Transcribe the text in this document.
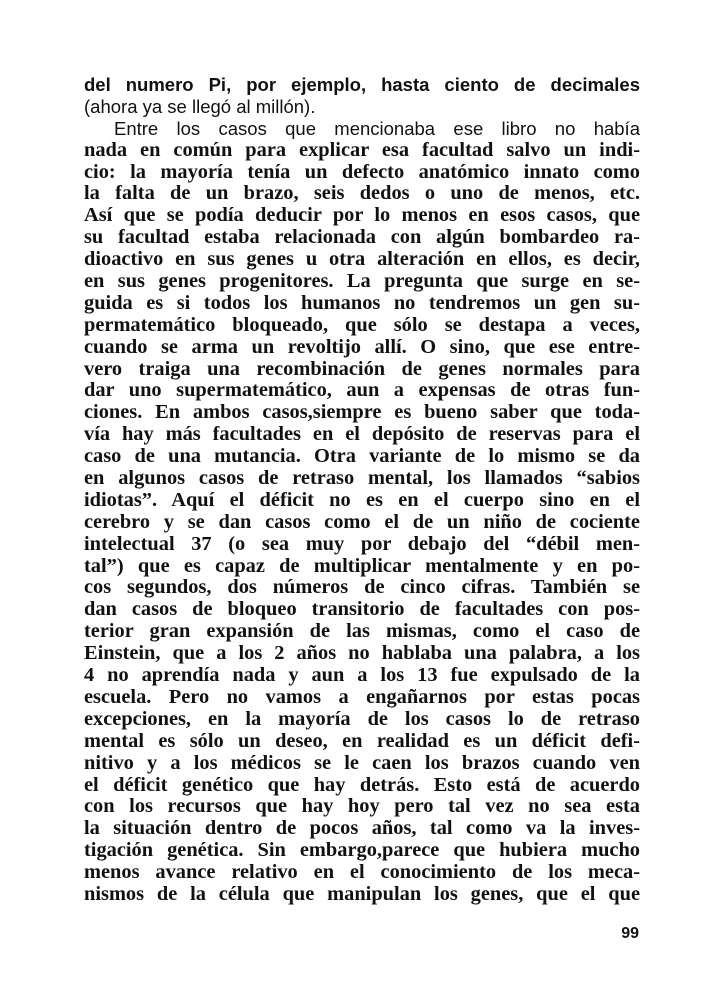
del numero Pi, por ejemplo, hasta ciento de decimales
(ahora ya se llegó al millón).
Entre los casos que mencionaba ese libro no había
nada en común para explicar esa facultad salvo un indi-
cio: la mayoría tenía un defecto anatómico innato como
la falta de un brazo, seis dedos o uno de menos, etc.
Así que se podía deducir por lo menos en esos casos, que
su facultad estaba relacionada con algún bombardeo ra-
dioactivo en sus genes u otra alteración en ellos, es decir,
en sus genes progenitores. La pregunta que surge en se-
guida es si todos los humanos no tendremos un gen su-
permatemático bloqueado, que sólo se destapa a veces,
cuando se arma un revoltijo allí. O sino, que ese entre-
vero traiga una recombinación de genes normales para
dar uno supermatemático, aun a expensas de otras fun-
ciones. En ambos casos,siempre es bueno saber que toda-
vía hay más facultades en el depósito de reservas para el
caso de una mutancia. Otra variante de lo mismo se da
en algunos casos de retraso mental, los llamados “sabios
idiotas”. Aquí el déficit no es en el cuerpo sino en el
cerebro y se dan casos como el de un niño de cociente
intelectual 37 (o sea muy por debajo del “débil men-
tal”) que es capaz de multiplicar mentalmente y en po-
cos segundos, dos números de cinco cifras. También se
dan casos de bloqueo transitorio de facultades con pos-
terior gran expansión de las mismas, como el caso de
Einstein, que a los 2 años no hablaba una palabra, a los
4 no aprendía nada y aun a los 13 fue expulsado de la
escuela. Pero no vamos a engañarnos por estas pocas
excepciones, en la mayoría de los casos lo de retraso
mental es sólo un deseo, en realidad es un déficit defi-
nitivo y a los médicos se le caen los brazos cuando ven
el déficit genético que hay detrás. Esto está de acuerdo
con los recursos que hay hoy pero tal vez no sea esta
la situación dentro de pocos años, tal como va la inves-
tigación genética. Sin embargo,parece que hubiera mucho
menos avance relativo en el conocimiento de los meca-
nismos de la célula que manipulan los genes, que el que
99
